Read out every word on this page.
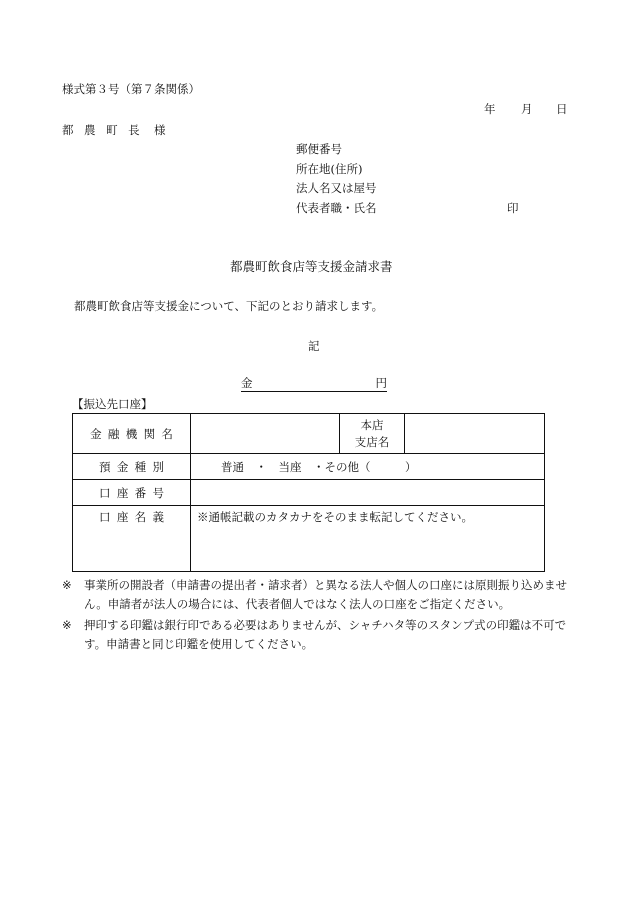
様式第３号（第７条関係）
年 月 日
都 農 町 長 様
郵便番号
所在地(住所)
法人名又は屋号
代表者職・氏名	印
都農町飲食店等支援金請求書
都農町飲食店等支援金について、下記のとおり請求します。
記
金	円
【振込先口座】
金融機関名		本店
支店名	

預金種別	普通　・　当座　・その他（　　　）		
口座番号			
口座名義	※通帳記載のカタカナをそのまま転記してください。		
※	事業所の開設者（申請書の提出者・請求者）と異なる法人や個人の口座には原則振り込めません。申請者が法人の場合には、代表者個人ではなく法人の口座をご指定ください。
※	押印する印鑑は銀行印である必要はありませんが、シャチハタ等のスタンプ式の印鑑は不可です。申請書と同じ印鑑を使用してください。
